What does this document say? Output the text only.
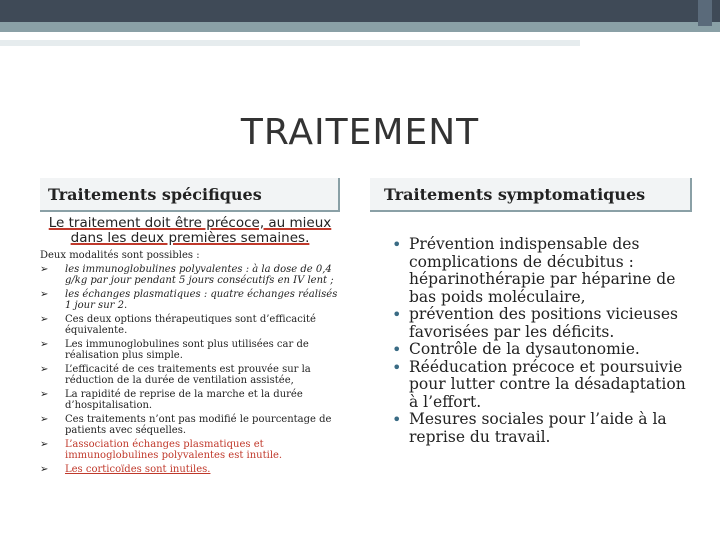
TRAITEMENT
Traitements spécifiques	Traitements symptomatiques

Le traitement doit être précoce, au mieux dans les deux premières semaines.

Deux modalités sont possibles :

➢ les immunoglobulines polyvalentes : à la dose de 0,4 g/kg par jour pendant 5 jours consécutifs en IV lent ;
➢ les échanges plasmatiques : quatre échanges réalisés 1 jour sur 2.
➢ Ces deux options thérapeutiques sont d’efficacité équivalente.
➢ Les immunoglobulines sont plus utilisées car de réalisation plus simple.
➢ L’efficacité de ces traitements est prouvée sur la réduction de la durée de ventilation assistée,
➢ La rapidité de reprise de la marche et la durée d’hospitalisation.
➢ Ces traitements n’ont pas modifié le pourcentage de patients avec séquelles.
➢ L’association échanges plasmatiques et immunoglobulines polyvalentes est inutile.
➢ Les corticoïdes sont inutiles.
• Prévention indispensable des complications de décubitus : héparinothérapie par héparine de bas poids moléculaire,
• prévention des positions vicieuses favorisées par les déficits.
• Contrôle de la dysautonomie.
• Rééducation précoce et poursuivie pour lutter contre la désadaptation à l’effort.
• Mesures sociales pour l’aide à la reprise du travail.
